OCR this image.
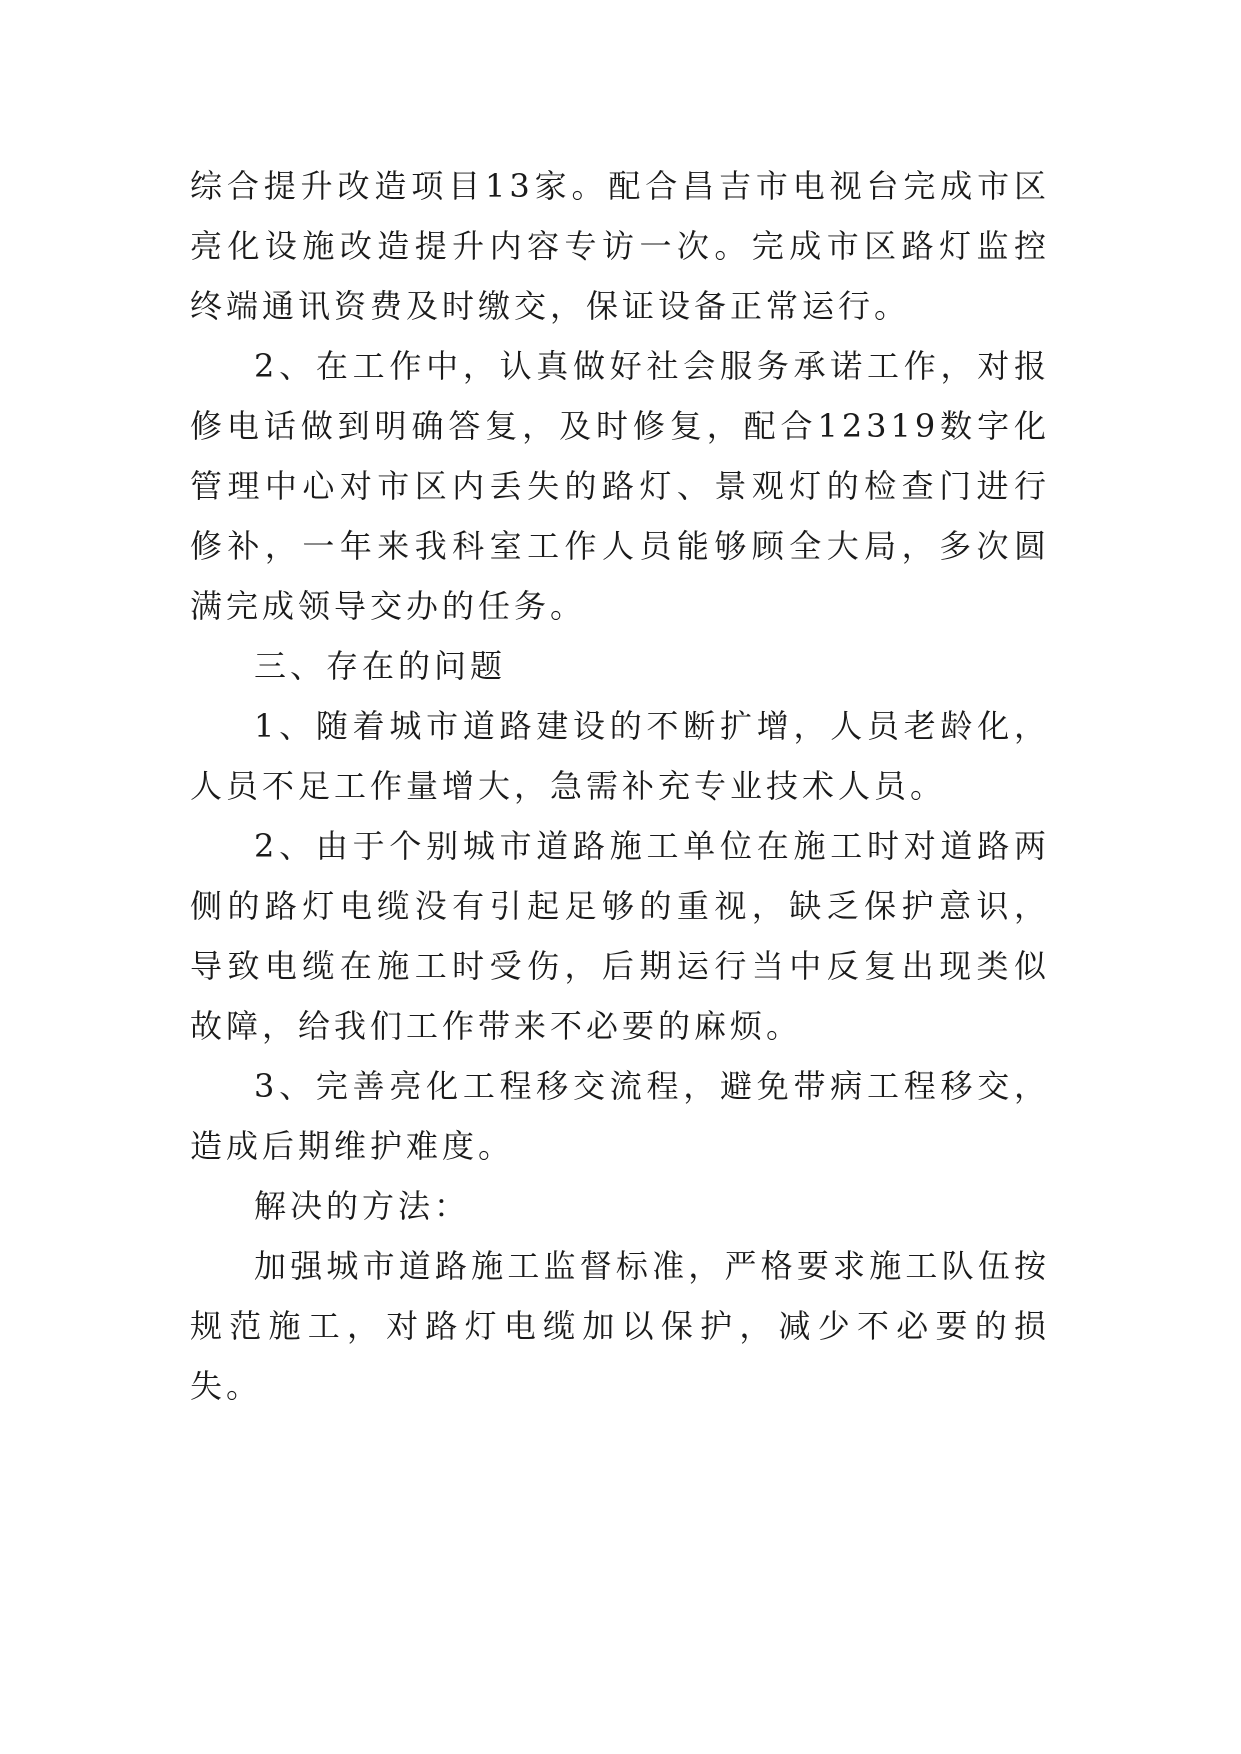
综合提升改造项目13家。配合昌吉市电视台完成市区亮化设施改造提升内容专访一次。完成市区路灯监控终端通讯资费及时缴交，保证设备正常运行。

2、在工作中，认真做好社会服务承诺工作，对报修电话做到明确答复，及时修复，配合12319数字化管理中心对市区内丢失的路灯、景观灯的检查门进行修补，一年来我科室工作人员能够顾全大局，多次圆满完成领导交办的任务。

三、存在的问题

1、随着城市道路建设的不断扩增，人员老龄化，人员不足工作量增大，急需补充专业技术人员。

2、由于个别城市道路施工单位在施工时对道路两侧的路灯电缆没有引起足够的重视，缺乏保护意识，导致电缆在施工时受伤，后期运行当中反复出现类似故障，给我们工作带来不必要的麻烦。

3、完善亮化工程移交流程，避免带病工程移交，造成后期维护难度。

解决的方法：

加强城市道路施工监督标准，严格要求施工队伍按规范施工，对路灯电缆加以保护，减少不必要的损失。
